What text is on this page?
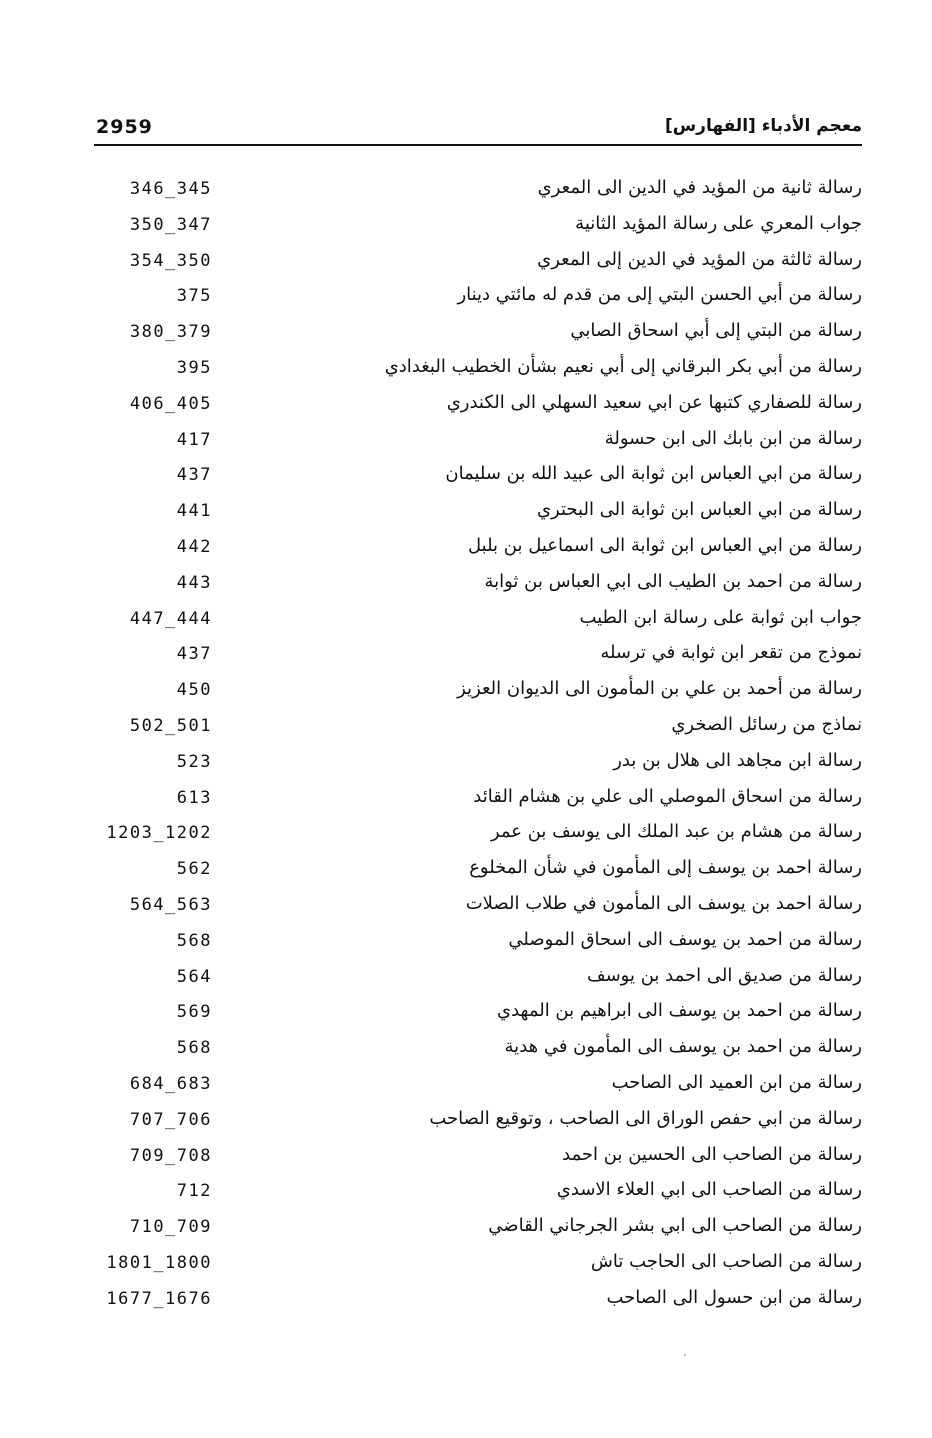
معجم الأدباء [الفهارس]
2959
رسالة ثانية من المؤيد في الدين الى المعري
346_345
جواب المعري على رسالة المؤيد الثانية
350_347
رسالة ثالثة من المؤيد في الدين إلى المعري
354_350
رسالة من أبي الحسن البتي إلى من قدم له مائتي دينار
375
رسالة من البتي إلى أبي اسحاق الصابي
380_379
رسالة من أبي بكر البرقاني إلى أبي نعيم بشأن الخطيب البغدادي
395
رسالة للصفاري كتبها عن ابي سعيد السهلي الى الكندري
406_405
رسالة من ابن بابك الى ابن حسولة
417
رسالة من ابي العباس ابن ثوابة الى عبيد الله بن سليمان
437
رسالة من ابي العباس ابن ثوابة الى البحتري
441
رسالة من ابي العباس ابن ثوابة الى اسماعيل بن بلبل
442
رسالة من احمد بن الطيب الى ابي العباس بن ثوابة
443
جواب ابن ثوابة على رسالة ابن الطيب
447_444
نموذج من تقعر ابن ثوابة في ترسله
437
رسالة من أحمد بن علي بن المأمون الى الديوان العزيز
450
نماذج من رسائل الصخري
502_501
رسالة ابن مجاهد الى هلال بن بدر
523
رسالة من اسحاق الموصلي الى علي بن هشام القائد
613
رسالة من هشام بن عبد الملك الى يوسف بن عمر
1203_1202
رسالة احمد بن يوسف إلى المأمون في شأن المخلوع
562
رسالة احمد بن يوسف الى المأمون في طلاب الصلات
564_563
رسالة من احمد بن يوسف الى اسحاق الموصلي
568
رسالة من صديق الى احمد بن يوسف
564
رسالة من احمد بن يوسف الى ابراهيم بن المهدي
569
رسالة من احمد بن يوسف الى المأمون في هدية
568
رسالة من ابن العميد الى الصاحب
684_683
رسالة من ابي حفص الوراق الى الصاحب ، وتوقيع الصاحب
707_706
رسالة من الصاحب الى الحسين بن احمد
709_708
رسالة من الصاحب الى ابي العلاء الاسدي
712
رسالة من الصاحب الى ابي بشر الجرجاني القاضي
710_709
رسالة من الصاحب الى الحاجب تاش
1801_1800
رسالة من ابن حسول الى الصاحب
1677_1676
